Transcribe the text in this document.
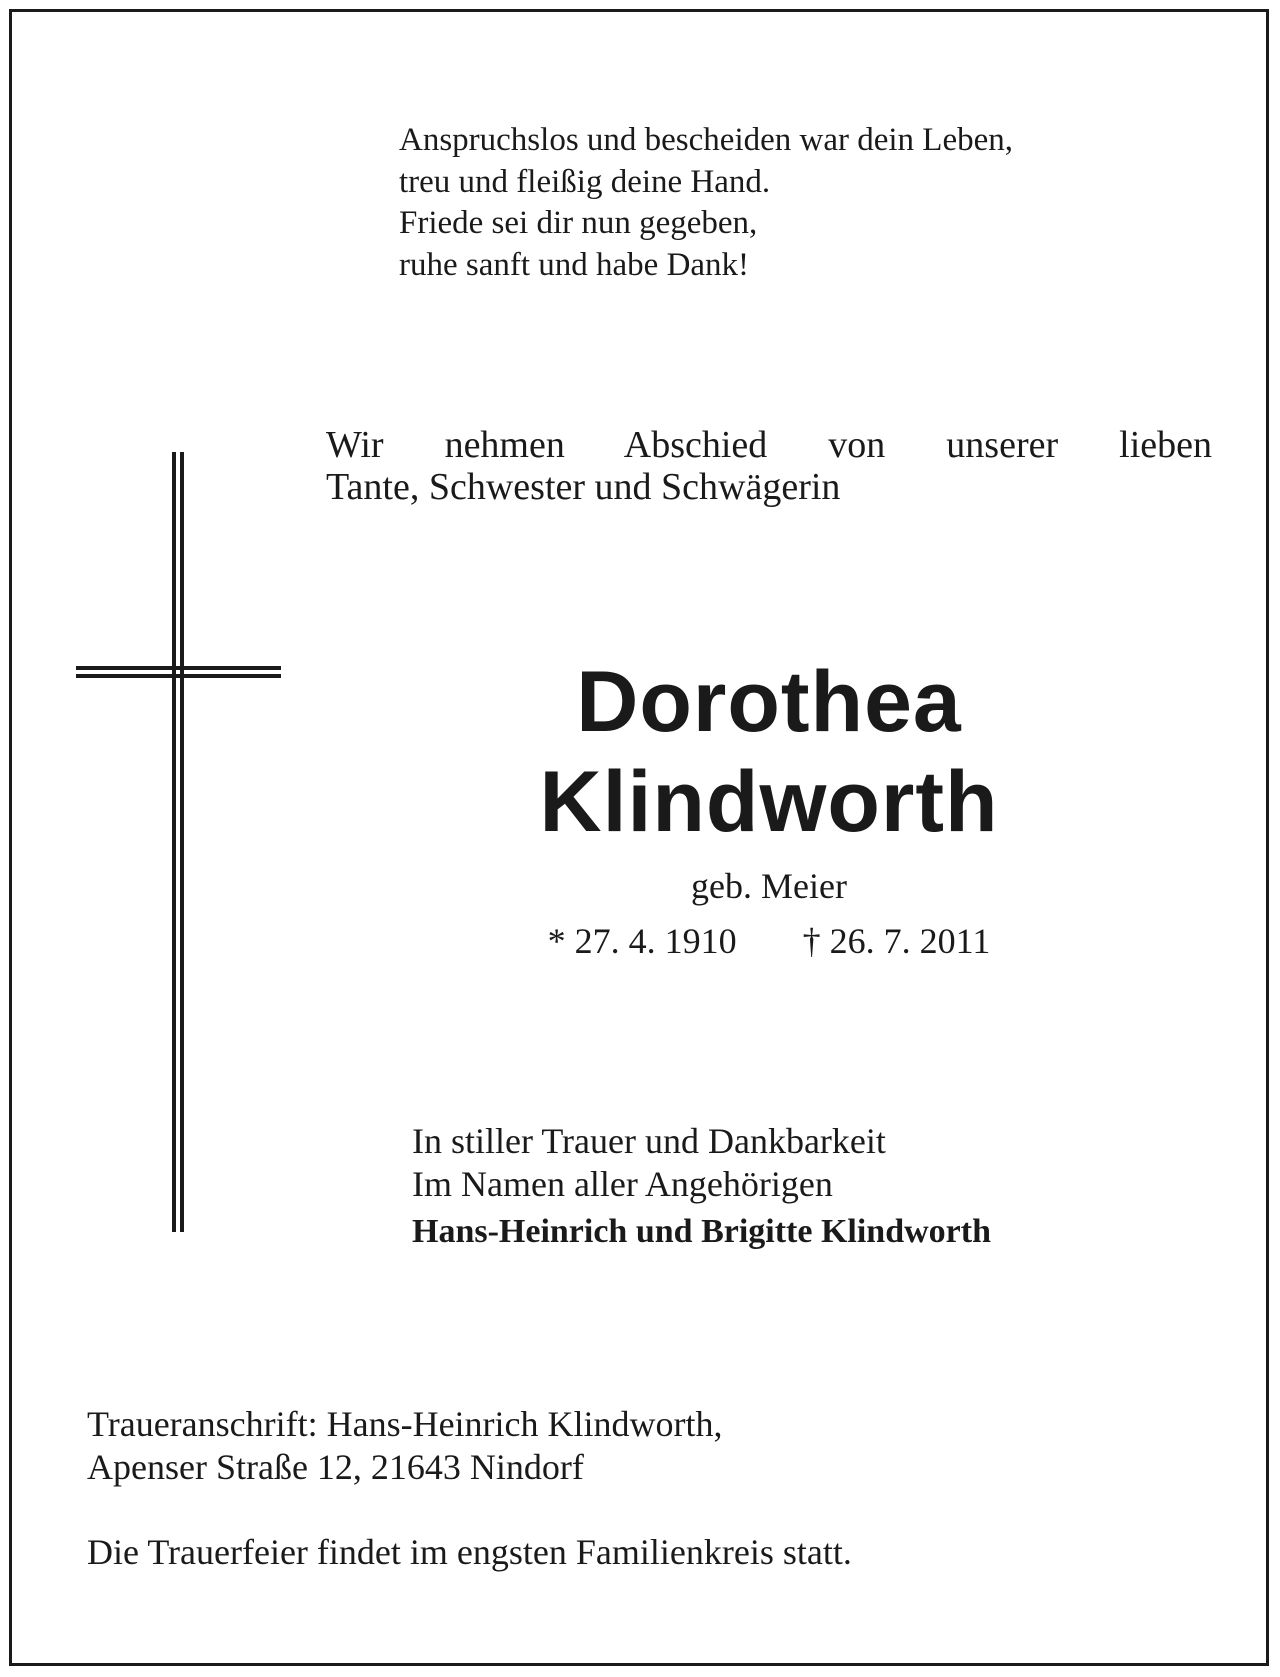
Anspruchslos und bescheiden war dein Leben,
treu und fleißig deine Hand.
Friede sei dir nun gegeben,
ruhe sanft und habe Dank!
Wir nehmen Abschied von unserer lieben
Tante, Schwester und Schwägerin
Dorothea
Klindworth
geb. Meier
* 27. 4. 1910 † 26. 7. 2011
In stiller Trauer und Dankbarkeit
Im Namen aller Angehörigen
Hans-Heinrich und Brigitte Klindworth
Traueranschrift: Hans-Heinrich Klindworth,
Apenser Straße 12, 21643 Nindorf
Die Trauerfeier findet im engsten Familienkreis statt.
